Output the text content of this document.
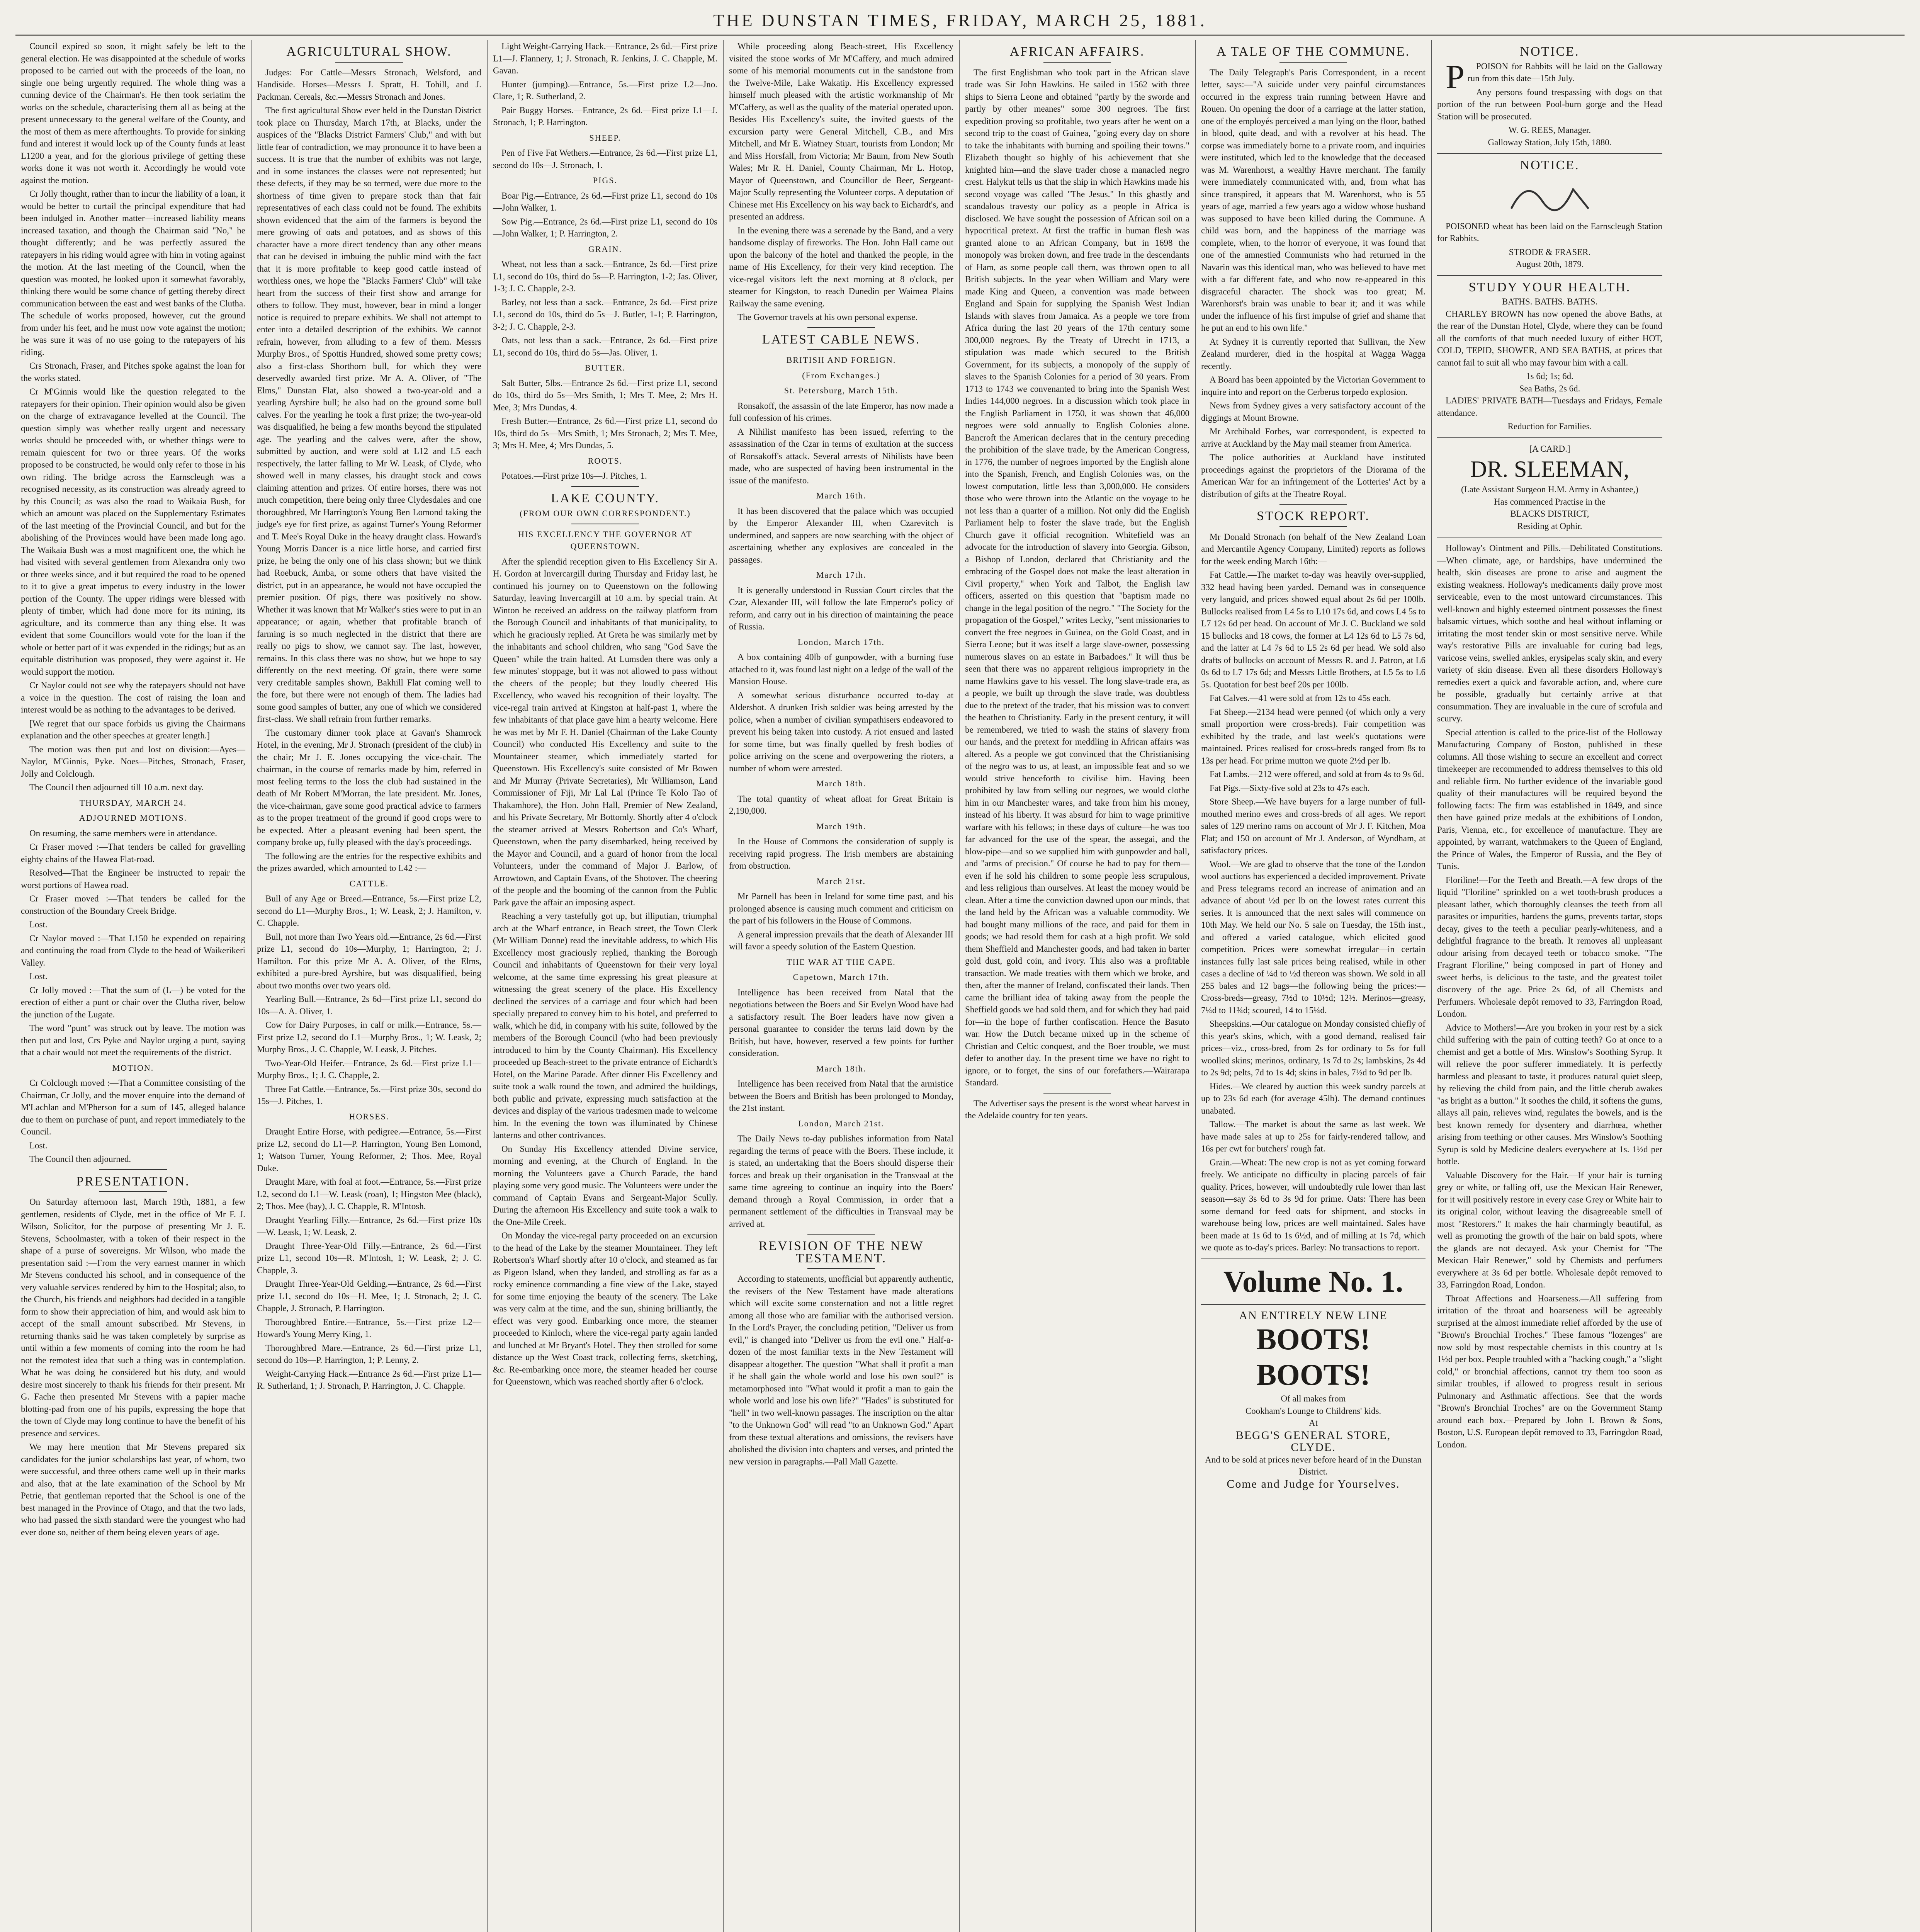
THE DUNSTAN TIMES, FRIDAY, MARCH 25, 1881.

Council expired so soon, it might safely be left to the general election. He was disappointed at the schedule of works proposed to be carried out with the proceeds of the loan, no single one being urgently required. The whole thing was a cunning device of the Chairman's. He then took seriatim the works on the schedule, characterising them all as being at the present unnecessary to the general welfare of the County, and the most of them as mere afterthoughts. To provide for sinking fund and interest it would lock up of the County funds at least L1200 a year, and for the glorious privilege of getting these works done it was not worth it. Accordingly he would vote against the motion.

Cr Jolly thought, rather than to incur the liability of a loan, it would be better to curtail the principal expenditure that had been indulged in. Another matter—increased liability means increased taxation, and though the Chairman said "No," he thought differently; and he was perfectly assured the ratepayers in his riding would agree with him in voting against the motion. At the last meeting of the Council, when the question was mooted, he looked upon it somewhat favorably, thinking there would be some chance of getting thereby direct communication between the east and west banks of the Clutha. The schedule of works proposed, however, cut the ground from under his feet, and he must now vote against the motion; he was sure it was of no use going to the ratepayers of his riding.

Crs Stronach, Fraser, and Pitches spoke against the loan for the works stated.

Cr M'Ginnis would like the question relegated to the ratepayers for their opinion. Their opinion would also be given on the charge of extravagance levelled at the Council. The question simply was whether really urgent and necessary works should be proceeded with, or whether things were to remain quiescent for two or three years. Of the works proposed to be constructed, he would only refer to those in his own riding. The bridge across the Earnscleugh was a recognised necessity, as its construction was already agreed to by this Council; as was also the road to Waikaia Bush, for which an amount was placed on the Supplementary Estimates of the last meeting of the Provincial Council, and but for the abolishing of the Provinces would have been made long ago. The Waikaia Bush was a most magnificent one, the which he had visited with several gentlemen from Alexandra only two or three weeks since, and it but required the road to be opened to it to give a great impetus to every industry in the lower portion of the County. The upper ridings were blessed with plenty of timber, which had done more for its mining, its agriculture, and its commerce than any thing else. It was evident that some Councillors would vote for the loan if the whole or better part of it was expended in the ridings; but as an equitable distribution was proposed, they were against it. He would support the motion.

Cr Naylor could not see why the ratepayers should not have a voice in the question. The cost of raising the loan and interest would be as nothing to the advantages to be derived.

[We regret that our space forbids us giving the Chairmans explanation and the other speeches at greater length.]

The motion was then put and lost on division:—Ayes—Naylor, M'Ginnis, Pyke. Noes—Pitches, Stronach, Fraser, Jolly and Colclough.

The Council then adjourned till 10 a.m. next day.

THURSDAY, MARCH 24.
ADJOURNED MOTIONS.

On resuming, the same members were in attendance.

Cr Fraser moved :—That tenders be called for gravelling eighty chains of the Hawea Flat-road.

Resolved—That the Engineer be instructed to repair the worst portions of Hawea road.

Cr Fraser moved :—That tenders be called for the construction of the Boundary Creek Bridge.

Lost.

Cr Naylor moved :—That L150 be expended on repairing and continuing the road from Clyde to the head of Waikerikeri Valley.

Lost.

Cr Jolly moved :—That the sum of (L—) be voted for the erection of either a punt or chair over the Clutha river, below the junction of the Lugate.

The word "punt" was struck out by leave. The motion was then put and lost, Crs Pyke and Naylor urging a punt, saying that a chair would not meet the requirements of the district.

MOTION.

Cr Colclough moved :—That a Committee consisting of the Chairman, Cr Jolly, and the mover enquire into the demand of M'Lachlan and M'Pherson for a sum of 145, alleged balance due to them on purchase of punt, and report immediately to the Council.

Lost.

The Council then adjourned.

PRESENTATION.

On Saturday afternoon last, March 19th, 1881, a few gentlemen, residents of Clyde, met in the office of Mr F. J. Wilson, Solicitor, for the purpose of presenting Mr J. E. Stevens, Schoolmaster, with a token of their respect in the shape of a purse of sovereigns. Mr Wilson, who made the presentation said :—From the very earnest manner in which Mr Stevens conducted his school, and in consequence of the very valuable services rendered by him to the Hospital; also, to the Church, his friends and neighbors had decided in a tangible form to show their appreciation of him, and would ask him to accept of the small amount subscribed. Mr Stevens, in returning thanks said he was taken completely by surprise as until within a few moments of coming into the room he had not the remotest idea that such a thing was in contemplation. What he was doing he considered but his duty, and would desire most sincerely to thank his friends for their present. Mr G. Fache then presented Mr Stevens with a papier mache blotting-pad from one of his pupils, expressing the hope that the town of Clyde may long continue to have the benefit of his presence and services.

We may here mention that Mr Stevens prepared six candidates for the junior scholarships last year, of whom, two were successful, and three others came well up in their marks and also, that at the late examination of the School by Mr Petrie, that gentleman reported that the School is one of the best managed in the Province of Otago, and that the two lads, who had passed the sixth standard were the youngest who had ever done so, neither of them being eleven years of age.

AGRICULTURAL SHOW.

Judges: For Cattle—Messrs Stronach, Welsford, and Handiside. Horses—Messrs J. Spratt, H. Tohill, and J. Packman. Cereals, &c.—Messrs Stronach and Jones.

The first agricultural Show ever held in the Dunstan District took place on Thursday, March 17th, at Blacks, under the auspices of the "Blacks District Farmers' Club," and with but little fear of contradiction, we may pronounce it to have been a success. It is true that the number of exhibits was not large, and in some instances the classes were not represented; but these defects, if they may be so termed, were due more to the shortness of time given to prepare stock than that fair representatives of each class could not be found. The exhibits shown evidenced that the aim of the farmers is beyond the mere growing of oats and potatoes, and as shows of this character have a more direct tendency than any other means that can be devised in imbuing the public mind with the fact that it is more profitable to keep good cattle instead of worthless ones, we hope the "Blacks Farmers' Club" will take heart from the success of their first show and arrange for others to follow. They must, however, bear in mind a longer notice is required to prepare exhibits. We shall not attempt to enter into a detailed description of the exhibits. We cannot refrain, however, from alluding to a few of them. Messrs Murphy Bros., of Spottis Hundred, showed some pretty cows; also a first-class Shorthorn bull, for which they were deservedly awarded first prize. Mr A. A. Oliver, of "The Elms," Dunstan Flat, also showed a two-year-old and a yearling Ayrshire bull; he also had on the ground some bull calves. For the yearling he took a first prize; the two-year-old was disqualified, he being a few months beyond the stipulated age. The yearling and the calves were, after the show, submitted by auction, and were sold at L12 and L5 each respectively, the latter falling to Mr W. Leask, of Clyde, who showed well in many classes, his draught stock and cows claiming attention and prizes. Of entire horses, there was not much competition, there being only three Clydesdales and one thoroughbred, Mr Harrington's Young Ben Lomond taking the judge's eye for first prize, as against Turner's Young Reformer and T. Mee's Royal Duke in the heavy draught class. Howard's Young Morris Dancer is a nice little horse, and carried first prize, he being the only one of his class shown; but we think had Roebuck, Amba, or some others that have visited the district, put in an appearance, he would not have occupied the premier position. Of pigs, there was positively no show. Whether it was known that Mr Walker's sties were to put in an appearance; or again, whether that profitable branch of farming is so much neglected in the district that there are really no pigs to show, we cannot say. The last, however, remains. In this class there was no show, but we hope to say differently on the next meeting. Of grain, there were some very creditable samples shown, Bakhill Flat coming well to the fore, but there were not enough of them. The ladies had some good samples of butter, any one of which we considered first-class. We shall refrain from further remarks.

The customary dinner took place at Gavan's Shamrock Hotel, in the evening, Mr J. Stronach (president of the club) in the chair; Mr J. E. Jones occupying the vice-chair. The chairman, in the course of remarks made by him, referred in most feeling terms to the loss the club had sustained in the death of Mr Robert M'Morran, the late president. Mr. Jones, the vice-chairman, gave some good practical advice to farmers as to the proper treatment of the ground if good crops were to be expected. After a pleasant evening had been spent, the company broke up, fully pleased with the day's proceedings.

The following are the entries for the respective exhibits and the prizes awarded, which amounted to L42 :—

CATTLE.

Bull of any Age or Breed.—Entrance, 5s.—First prize L2, second do L1—Murphy Bros., 1; W. Leask, 2; J. Hamilton, v. C. Chapple.

Bull, not more than Two Years old.—Entrance, 2s 6d.—First prize L1, second do 10s—Murphy, 1; Harrington, 2; J. Hamilton. For this prize Mr A. A. Oliver, of the Elms, exhibited a pure-bred Ayrshire, but was disqualified, being about two months over two years old.

Yearling Bull.—Entrance, 2s 6d—First prize L1, second do 10s—A. A. Oliver, 1.

Cow for Dairy Purposes, in calf or milk.—Entrance, 5s.—First prize L2, second do L1—Murphy Bros., 1; W. Leask, 2; Murphy Bros., J. C. Chapple, W. Leask, J. Pitches.

Two-Year-Old Heifer.—Entrance, 2s 6d.—First prize L1—Murphy Bros., 1; J. C. Chapple, 2.

Three Fat Cattle.—Entrance, 5s.—First prize 30s, second do 15s—J. Pitches, 1.

HORSES.

Draught Entire Horse, with pedigree.—Entrance, 5s.—First prize L2, second do L1—P. Harrington, Young Ben Lomond, 1; Watson Turner, Young Reformer, 2; Thos. Mee, Royal Duke.

Draught Mare, with foal at foot.—Entrance, 5s.—First prize L2, second do L1—W. Leask (roan), 1; Hingston Mee (black), 2; Thos. Mee (bay), J. C. Chapple, R. M'Intosh.

Draught Yearling Filly.—Entrance, 2s 6d.—First prize 10s—W. Leask, 1; W. Leask, 2.

Draught Three-Year-Old Filly.—Entrance, 2s 6d.—First prize L1, second 10s—R. M'Intosh, 1; W. Leask, 2; J. C. Chapple, 3.

Draught Three-Year-Old Gelding.—Entrance, 2s 6d.—First prize L1, second do 10s—H. Mee, 1; J. Stronach, 2; J. C. Chapple, J. Stronach, P. Harrington.

Thoroughbred Entire.—Entrance, 5s.—First prize L2—Howard's Young Merry King, 1.

Thoroughbred Mare.—Entrance, 2s 6d.—First prize L1, second do 10s—P. Harrington, 1; P. Lenny, 2.

Weight-Carrying Hack.—Entrance 2s 6d.—First prize L1—R. Sutherland, 1; J. Stronach, P. Harrington, J. C. Chapple.

Light Weight-Carrying Hack.—Entrance, 2s 6d.—First prize L1—J. Flannery, 1; J. Stronach, R. Jenkins, J. C. Chapple, M. Gavan.

Hunter (jumping).—Entrance, 5s.—First prize L2—Jno. Clare, 1; R. Sutherland, 2.

Pair Buggy Horses.—Entrance, 2s 6d.—First prize L1—J. Stronach, 1; P. Harrington.

SHEEP.

Pen of Five Fat Wethers.—Entrance, 2s 6d.—First prize L1, second do 10s—J. Stronach, 1.

PIGS.

Boar Pig.—Entrance, 2s 6d.—First prize L1, second do 10s—John Walker, 1.

Sow Pig.—Entrance, 2s 6d.—First prize L1, second do 10s—John Walker, 1; P. Harrington, 2.

GRAIN.

Wheat, not less than a sack.—Entrance, 2s 6d.—First prize L1, second do 10s, third do 5s—P. Harrington, 1-2; Jas. Oliver, 1-3; J. C. Chapple, 2-3.

Barley, not less than a sack.—Entrance, 2s 6d.—First prize L1, second do 10s, third do 5s—J. Butler, 1-1; P. Harrington, 3-2; J. C. Chapple, 2-3.

Oats, not less than a sack.—Entrance, 2s 6d.—First prize L1, second do 10s, third do 5s—Jas. Oliver, 1.

BUTTER.

Salt Butter, 5lbs.—Entrance 2s 6d.—First prize L1, second do 10s, third do 5s—Mrs Smith, 1; Mrs T. Mee, 2; Mrs H. Mee, 3; Mrs Dundas, 4.

Fresh Butter.—Entrance, 2s 6d.—First prize L1, second do 10s, third do 5s—Mrs Smith, 1; Mrs Stronach, 2; Mrs T. Mee, 3; Mrs H. Mee, 4; Mrs Dundas, 5.

ROOTS.

Potatoes.—First prize 10s—J. Pitches, 1.

LAKE COUNTY.
(FROM OUR OWN CORRESPONDENT.)
HIS EXCELLENCY THE GOVERNOR AT QUEENSTOWN.

After the splendid reception given to His Excellency Sir A. H. Gordon at Invercargill during Thursday and Friday last, he continued his journey on to Queenstown on the following Saturday, leaving Invercargill at 10 a.m. by special train. At Winton he received an address on the railway platform from the Borough Council and inhabitants of that municipality, to which he graciously replied. At Greta he was similarly met by the inhabitants and school children, who sang "God Save the Queen" while the train halted. At Lumsden there was only a few minutes' stoppage, but it was not allowed to pass without the cheers of the people; but they loudly cheered His Excellency, who waved his recognition of their loyalty. The vice-regal train arrived at Kingston at half-past 1, where the few inhabitants of that place gave him a hearty welcome. Here he was met by Mr F. H. Daniel (Chairman of the Lake County Council) who conducted His Excellency and suite to the Mountaineer steamer, which immediately started for Queenstown. His Excellency's suite consisted of Mr Bowen and Mr Murray (Private Secretaries), Mr Williamson, Land Commissioner of Fiji, Mr Lal Lal (Prince Te Kolo Tao of Thakamhore), the Hon. John Hall, Premier of New Zealand, and his Private Secretary, Mr Bottomly. Shortly after 4 o'clock the steamer arrived at Messrs Robertson and Co's Wharf, Queenstown, when the party disembarked, being received by the Mayor and Council, and a guard of honor from the local Volunteers, under the command of Major J. Barlow, of Arrowtown, and Captain Evans, of the Shotover. The cheering of the people and the booming of the cannon from the Public Park gave the affair an imposing aspect.

Reaching a very tastefully got up, but illiputian, triumphal arch at the Wharf entrance, in Beach street, the Town Clerk (Mr William Donne) read the inevitable address, to which His Excellency most graciously replied, thanking the Borough Council and inhabitants of Queenstown for their very loyal welcome, at the same time expressing his great pleasure at witnessing the great scenery of the place. His Excellency declined the services of a carriage and four which had been specially prepared to convey him to his hotel, and preferred to walk, which he did, in company with his suite, followed by the members of the Borough Council (who had been previously introduced to him by the County Chairman). His Excellency proceeded up Beach-street to the private entrance of Eichardt's Hotel, on the Marine Parade. After dinner His Excellency and suite took a walk round the town, and admired the buildings, both public and private, expressing much satisfaction at the devices and display of the various tradesmen made to welcome him. In the evening the town was illuminated by Chinese lanterns and other contrivances.

On Sunday His Excellency attended Divine service, morning and evening, at the Church of England. In the morning the Volunteers gave a Church Parade, the band playing some very good music. The Volunteers were under the command of Captain Evans and Sergeant-Major Scully. During the afternoon His Excellency and suite took a walk to the One-Mile Creek.

On Monday the vice-regal party proceeded on an excursion to the head of the Lake by the steamer Mountaineer. They left Robertson's Wharf shortly after 10 o'clock, and steamed as far as Pigeon Island, when they landed, and strolling as far as a rocky eminence commanding a fine view of the Lake, stayed for some time enjoying the beauty of the scenery. The Lake was very calm at the time, and the sun, shining brilliantly, the effect was very good. Embarking once more, the steamer proceeded to Kinloch, where the vice-regal party again landed and lunched at Mr Bryant's Hotel. They then strolled for some distance up the West Coast track, collecting ferns, sketching, &c. Re-embarking once more, the steamer headed her course for Queenstown, which was reached shortly after 6 o'clock.

While proceeding along Beach-street, His Excellency visited the stone works of Mr M'Caffery, and much admired some of his memorial monuments cut in the sandstone from the Twelve-Mile, Lake Wakatip. His Excellency expressed himself much pleased with the artistic workmanship of Mr M'Caffery, as well as the quality of the material operated upon. Besides His Excellency's suite, the invited guests of the excursion party were General Mitchell, C.B., and Mrs Mitchell, and Mr E. Wiatney Stuart, tourists from London; Mr and Miss Horsfall, from Victoria; Mr Baum, from New South Wales; Mr R. H. Daniel, County Chairman, Mr L. Hotop, Mayor of Queenstown, and Councillor de Beer, Sergeant-Major Scully representing the Volunteer corps. A deputation of Chinese met His Excellency on his way back to Eichardt's, and presented an address.

In the evening there was a serenade by the Band, and a very handsome display of fireworks. The Hon. John Hall came out upon the balcony of the hotel and thanked the people, in the name of His Excellency, for their very kind reception. The vice-regal visitors left the next morning at 8 o'clock, per steamer for Kingston, to reach Dunedin per Waimea Plains Railway the same evening.

The Governor travels at his own personal expense.

LATEST CABLE NEWS.
BRITISH AND FOREIGN.
(From Exchanges.)
St. Petersburg, March 15th.

Ronsakoff, the assassin of the late Emperor, has now made a full confession of his crimes.

A Nihilist manifesto has been issued, referring to the assassination of the Czar in terms of exultation at the success of Ronsakoff's attack. Several arrests of Nihilists have been made, who are suspected of having been instrumental in the issue of the manifesto.

March 16th.

It has been discovered that the palace which was occupied by the Emperor Alexander III, when Czarevitch is undermined, and sappers are now searching with the object of ascertaining whether any explosives are concealed in the passages.

March 17th.

It is generally understood in Russian Court circles that the Czar, Alexander III, will follow the late Emperor's policy of reform, and carry out in his direction of maintaining the peace of Russia.

London, March 17th.

A box containing 40lb of gunpowder, with a burning fuse attached to it, was found last night on a ledge of the wall of the Mansion House.

A somewhat serious disturbance occurred to-day at Aldershot. A drunken Irish soldier was being arrested by the police, when a number of civilian sympathisers endeavored to prevent his being taken into custody. A riot ensued and lasted for some time, but was finally quelled by fresh bodies of police arriving on the scene and overpowering the rioters, a number of whom were arrested.

March 18th.

The total quantity of wheat afloat for Great Britain is 2,190,000.

March 19th.

In the House of Commons the consideration of supply is receiving rapid progress. The Irish members are abstaining from obstruction.

March 21st.

Mr Parnell has been in Ireland for some time past, and his prolonged absence is causing much comment and criticism on the part of his followers in the House of Commons.

A general impression prevails that the death of Alexander III will favor a speedy solution of the Eastern Question.

THE WAR AT THE CAPE.
Capetown, March 17th.

Intelligence has been received from Natal that the negotiations between the Boers and Sir Evelyn Wood have had a satisfactory result. The Boer leaders have now given a personal guarantee to consider the terms laid down by the British, but have, however, reserved a few points for further consideration.

March 18th.

Intelligence has been received from Natal that the armistice between the Boers and British has been prolonged to Monday, the 21st instant.

London, March 21st.

The Daily News to-day publishes information from Natal regarding the terms of peace with the Boers. These include, it is stated, an undertaking that the Boers should disperse their forces and break up their organisation in the Transvaal at the same time agreeing to continue an inquiry into the Boers' demand through a Royal Commission, in order that a permanent settlement of the difficulties in Transvaal may be arrived at.

REVISION OF THE NEW TESTAMENT.

According to statements, unofficial but apparently authentic, the revisers of the New Testament have made alterations which will excite some consternation and not a little regret among all those who are familiar with the authorised version. In the Lord's Prayer, the concluding petition, "Deliver us from evil," is changed into "Deliver us from the evil one." Half-a-dozen of the most familiar texts in the New Testament will disappear altogether. The question "What shall it profit a man if he shall gain the whole world and lose his own soul?" is metamorphosed into "What would it profit a man to gain the whole world and lose his own life?" "Hades" is substituted for "hell" in two well-known passages. The inscription on the altar "to the Unknown God" will read "to an Unknown God." Apart from these textual alterations and omissions, the revisers have abolished the division into chapters and verses, and printed the new version in paragraphs.—Pall Mall Gazette.

AFRICAN AFFAIRS.

The first Englishman who took part in the African slave trade was Sir John Hawkins. He sailed in 1562 with three ships to Sierra Leone and obtained "partly by the sworde and partly by other meanes" some 300 negroes. The first expedition proving so profitable, two years after he went on a second trip to the coast of Guinea, "going every day on shore to take the inhabitants with burning and spoiling their towns." Elizabeth thought so highly of his achievement that she knighted him—and the slave trader chose a manacled negro crest. Halykut tells us that the ship in which Hawkins made his second voyage was called "The Jesus." In this ghastly and scandalous travesty our policy as a people in Africa is disclosed. We have sought the possession of African soil on a hypocritical pretext. At first the traffic in human flesh was granted alone to an African Company, but in 1698 the monopoly was broken down, and free trade in the descendants of Ham, as some people call them, was thrown open to all British subjects. In the year when William and Mary were made King and Queen, a convention was made between England and Spain for supplying the Spanish West Indian Islands with slaves from Jamaica. As a people we tore from Africa during the last 20 years of the 17th century some 300,000 negroes. By the Treaty of Utrecht in 1713, a stipulation was made which secured to the British Government, for its subjects, a monopoly of the supply of slaves to the Spanish Colonies for a period of 30 years. From 1713 to 1743 we convenanted to bring into the Spanish West Indies 144,000 negroes. In a discussion which took place in the English Parliament in 1750, it was shown that 46,000 negroes were sold annually to English Colonies alone. Bancroft the American declares that in the century preceding the prohibition of the slave trade, by the American Congress, in 1776, the number of negroes imported by the English alone into the Spanish, French, and English Colonies was, on the lowest computation, little less than 3,000,000. He considers those who were thrown into the Atlantic on the voyage to be not less than a quarter of a million. Not only did the English Parliament help to foster the slave trade, but the English Church gave it official recognition. Whitefield was an advocate for the introduction of slavery into Georgia. Gibson, a Bishop of London, declared that Christianity and the embracing of the Gospel does not make the least alteration in Civil property," when York and Talbot, the English law officers, asserted on this question that "baptism made no change in the legal position of the negro." "The Society for the propagation of the Gospel," writes Lecky, "sent missionaries to convert the free negroes in Guinea, on the Gold Coast, and in Sierra Leone; but it was itself a large slave-owner, possessing numerous slaves on an estate in Barbadoes." It will thus be seen that there was no apparent religious impropriety in the name Hawkins gave to his vessel. The long slave-trade era, as a people, we built up through the slave trade, was doubtless due to the pretext of the trader, that his mission was to convert the heathen to Christianity. Early in the present century, it will be remembered, we tried to wash the stains of slavery from our hands, and the pretext for meddling in African affairs was altered. As a people we got convinced that the Christianising of the negro was to us, at least, an impossible feat and so we would strive henceforth to civilise him. Having been prohibited by law from selling our negroes, we would clothe him in our Manchester wares, and take from him his money, instead of his liberty. It was absurd for him to wage primitive warfare with his fellows; in these days of culture—he was too far advanced for the use of the spear, the assegai, and the blow-pipe—and so we supplied him with gunpowder and ball, and "arms of precision." Of course he had to pay for them—even if he sold his children to some people less scrupulous, and less religious than ourselves. At least the money would be clean. After a time the conviction dawned upon our minds, that the land held by the African was a valuable commodity. We had bought many millions of the race, and paid for them in goods; we had resold them for cash at a high profit. We sold them Sheffield and Manchester goods, and had taken in barter gold dust, gold coin, and ivory. This also was a profitable transaction. We made treaties with them which we broke, and then, after the manner of Ireland, confiscated their lands. Then came the brilliant idea of taking away from the people the Sheffield goods we had sold them, and for which they had paid for—in the hope of further confiscation. Hence the Basuto war. How the Dutch became mixed up in the scheme of Christian and Celtic conquest, and the Boer trouble, we must defer to another day. In the present time we have no right to ignore, or to forget, the sins of our forefathers.—Wairarapa Standard.

The Advertiser says the present is the worst wheat harvest in the Adelaide country for ten years.

A TALE OF THE COMMUNE.

The Daily Telegraph's Paris Correspondent, in a recent letter, says:—"A suicide under very painful circumstances occurred in the express train running between Havre and Rouen. On opening the door of a carriage at the latter station, one of the employés perceived a man lying on the floor, bathed in blood, quite dead, and with a revolver at his head. The corpse was immediately borne to a private room, and inquiries were instituted, which led to the knowledge that the deceased was M. Warenhorst, a wealthy Havre merchant. The family were immediately communicated with, and, from what has since transpired, it appears that M. Warenhorst, who is 55 years of age, married a few years ago a widow whose husband was supposed to have been killed during the Commune. A child was born, and the happiness of the marriage was complete, when, to the horror of everyone, it was found that one of the amnestied Communists who had returned in the Navarin was this identical man, who was believed to have met with a far different fate, and who now re-appeared in this disgraceful character. The shock was too great; M. Warenhorst's brain was unable to bear it; and it was while under the influence of his first impulse of grief and shame that he put an end to his own life."

At Sydney it is currently reported that Sullivan, the New Zealand murderer, died in the hospital at Wagga Wagga recently.

A Board has been appointed by the Victorian Government to inquire into and report on the Cerberus torpedo explosion.

News from Sydney gives a very satisfactory account of the diggings at Mount Browne.

Mr Archibald Forbes, war correspondent, is expected to arrive at Auckland by the May mail steamer from America.

The police authorities at Auckland have instituted proceedings against the proprietors of the Diorama of the American War for an infringement of the Lotteries' Act by a distribution of gifts at the Theatre Royal.

STOCK REPORT.

Mr Donald Stronach (on behalf of the New Zealand Loan and Mercantile Agency Company, Limited) reports as follows for the week ending March 16th:—

Fat Cattle.—The market to-day was heavily over-supplied, 332 head having been yarded. Demand was in consequence very languid, and prices showed equal about 2s 6d per 100lb. Bullocks realised from L4 5s to L10 17s 6d, and cows L4 5s to L7 12s 6d per head. On account of Mr J. C. Buckland we sold 15 bullocks and 18 cows, the former at L4 12s 6d to L5 7s 6d, and the latter at L4 7s 6d to L5 2s 6d per head. We sold also drafts of bullocks on account of Messrs R. and J. Patron, at L6 0s 6d to L7 17s 6d; and Messrs Little Brothers, at L5 5s to L6 5s. Quotation for best beef 20s per 100lb.

Fat Calves.—41 were sold at from 12s to 45s each.

Fat Sheep.—2134 head were penned (of which only a very small proportion were cross-breds). Fair competition was exhibited by the trade, and last week's quotations were maintained. Prices realised for cross-breds ranged from 8s to 13s per head. For prime mutton we quote 2½d per lb.

Fat Lambs.—212 were offered, and sold at from 4s to 9s 6d.

Fat Pigs.—Sixty-five sold at 23s to 47s each.

Store Sheep.—We have buyers for a large number of full-mouthed merino ewes and cross-breds of all ages. We report sales of 129 merino rams on account of Mr J. F. Kitchen, Moa Flat; and 150 on account of Mr J. Anderson, of Wyndham, at satisfactory prices.

Wool.—We are glad to observe that the tone of the London wool auctions has experienced a decided improvement. Private and Press telegrams record an increase of animation and an advance of about ½d per lb on the lowest rates current this series. It is announced that the next sales will commence on 10th May. We held our No. 5 sale on Tuesday, the 15th inst., and offered a varied catalogue, which elicited good competition. Prices were somewhat irregular—in certain instances fully last sale prices being realised, while in other cases a decline of ¼d to ½d thereon was shown. We sold in all 255 bales and 12 bags—the following being the prices:—Cross-breds—greasy, 7½d to 10½d; 12½. Merinos—greasy, 7¼d to 11¾d; scoured, 14 to 15¼d.

Sheepskins.—Our catalogue on Monday consisted chiefly of this year's skins, which, with a good demand, realised fair prices—viz., cross-bred, from 2s for ordinary to 5s for full woolled skins; merinos, ordinary, 1s 7d to 2s; lambskins, 2s 4d to 2s 9d; pelts, 7d to 1s 4d; skins in bales, 7½d to 9d per lb.

Hides.—We cleared by auction this week sundry parcels at up to 23s 6d each (for average 45lb). The demand continues unabated.

Tallow.—The market is about the same as last week. We have made sales at up to 25s for fairly-rendered tallow, and 16s per cwt for butchers' rough fat.

Grain.—Wheat: The new crop is not as yet coming forward freely. We anticipate no difficulty in placing parcels of fair quality. Prices, however, will undoubtedly rule lower than last season—say 3s 6d to 3s 9d for prime. Oats: There has been some demand for feed oats for shipment, and stocks in warehouse being low, prices are well maintained. Sales have been made at 1s 6d to 1s 6½d, and of milling at 1s 7d, which we quote as to-day's prices. Barley: No transactions to report.

Volume No. 1.
AN ENTIRELY NEW LINE
BOOTS! BOOTS!
Of all makes from
Cookham's Lounge to Childrens' kids.
At
BEGG'S GENERAL STORE,
CLYDE.
And to be sold at prices never before heard of in the Dunstan District.
Come and Judge for Yourselves.
NOTICE.

P POISON for Rabbits will be laid on the Galloway run from this date—15th July.

Any persons found trespassing with dogs on that portion of the run between Pool-burn gorge and the Head Station will be prosecuted.

W. G. REES, Manager.
Galloway Station, July 15th, 1880.
NOTICE.

POISONED wheat has been laid on the Earnscleugh Station for Rabbits.

STRODE & FRASER.
August 20th, 1879.
STUDY YOUR HEALTH.
BATHS. BATHS. BATHS.

CHARLEY BROWN has now opened the above Baths, at the rear of the Dunstan Hotel, Clyde, where they can be found all the comforts of that much needed luxury of either HOT, COLD, TEPID, SHOWER, AND SEA BATHS, at prices that cannot fail to suit all who may favour him with a call.

1s 6d; 1s; 6d.
Sea Baths, 2s 6d.

LADIES' PRIVATE BATH—Tuesdays and Fridays, Female attendance.

Reduction for Families.
[A CARD.]
DR. SLEEMAN,
(Late Assistant Surgeon H.M. Army in Ashantee,)
Has commenced Practise in the
BLACKS DISTRICT,
Residing at Ophir.

Holloway's Ointment and Pills.—Debilitated Constitutions.—When climate, age, or hardships, have undermined the health, skin diseases are prone to arise and augment the existing weakness. Holloway's medicaments daily prove most serviceable, even to the most untoward circumstances. This well-known and highly esteemed ointment possesses the finest balsamic virtues, which soothe and heal without inflaming or irritating the most tender skin or most sensitive nerve. While way's restorative Pills are invaluable for curing bad legs, varicose veins, swelled ankles, erysipelas scaly skin, and every variety of skin disease. Even all these disorders Holloway's remedies exert a quick and favorable action, and, where cure be possible, gradually but certainly arrive at that consummation. They are invaluable in the cure of scrofula and scurvy.

Special attention is called to the price-list of the Holloway Manufacturing Company of Boston, published in these columns. All those wishing to secure an excellent and correct timekeeper are recommended to address themselves to this old and reliable firm. No further evidence of the invariable good quality of their manufactures will be required beyond the following facts: The firm was established in 1849, and since then have gained prize medals at the exhibitions of London, Paris, Vienna, etc., for excellence of manufacture. They are appointed, by warrant, watchmakers to the Queen of England, the Prince of Wales, the Emperor of Russia, and the Bey of Tunis.

Floriline!—For the Teeth and Breath.—A few drops of the liquid "Floriline" sprinkled on a wet tooth-brush produces a pleasant lather, which thoroughly cleanses the teeth from all parasites or impurities, hardens the gums, prevents tartar, stops decay, gives to the teeth a peculiar pearly-whiteness, and a delightful fragrance to the breath. It removes all unpleasant odour arising from decayed teeth or tobacco smoke. "The Fragrant Floriline," being composed in part of Honey and sweet herbs, is delicious to the taste, and the greatest toilet discovery of the age. Price 2s 6d, of all Chemists and Perfumers. Wholesale depôt removed to 33, Farringdon Road, London.

Advice to Mothers!—Are you broken in your rest by a sick child suffering with the pain of cutting teeth? Go at once to a chemist and get a bottle of Mrs. Winslow's Soothing Syrup. It will relieve the poor sufferer immediately. It is perfectly harmless and pleasant to taste, it produces natural quiet sleep, by relieving the child from pain, and the little cherub awakes "as bright as a button." It soothes the child, it softens the gums, allays all pain, relieves wind, regulates the bowels, and is the best known remedy for dysentery and diarrhœa, whether arising from teething or other causes. Mrs Winslow's Soothing Syrup is sold by Medicine dealers everywhere at 1s. 1½d per bottle.

Valuable Discovery for the Hair.—If your hair is turning grey or white, or falling off, use the Mexican Hair Renewer, for it will positively restore in every case Grey or White hair to its original color, without leaving the disagreeable smell of most "Restorers." It makes the hair charmingly beautiful, as well as promoting the growth of the hair on bald spots, where the glands are not decayed. Ask your Chemist for "The Mexican Hair Renewer," sold by Chemists and perfumers everywhere at 3s 6d per bottle. Wholesale depôt removed to 33, Farringdon Road, London.

Throat Affections and Hoarseness.—All suffering from irritation of the throat and hoarseness will be agreeably surprised at the almost immediate relief afforded by the use of "Brown's Bronchial Troches." These famous "lozenges" are now sold by most respectable chemists in this country at 1s 1½d per box. People troubled with a "hacking cough," a "slight cold," or bronchial affections, cannot try them too soon as similar troubles, if allowed to progress result in serious Pulmonary and Asthmatic affections. See that the words "Brown's Bronchial Troches" are on the Government Stamp around each box.—Prepared by John I. Brown & Sons, Boston, U.S. European depôt removed to 33, Farringdon Road, London.
